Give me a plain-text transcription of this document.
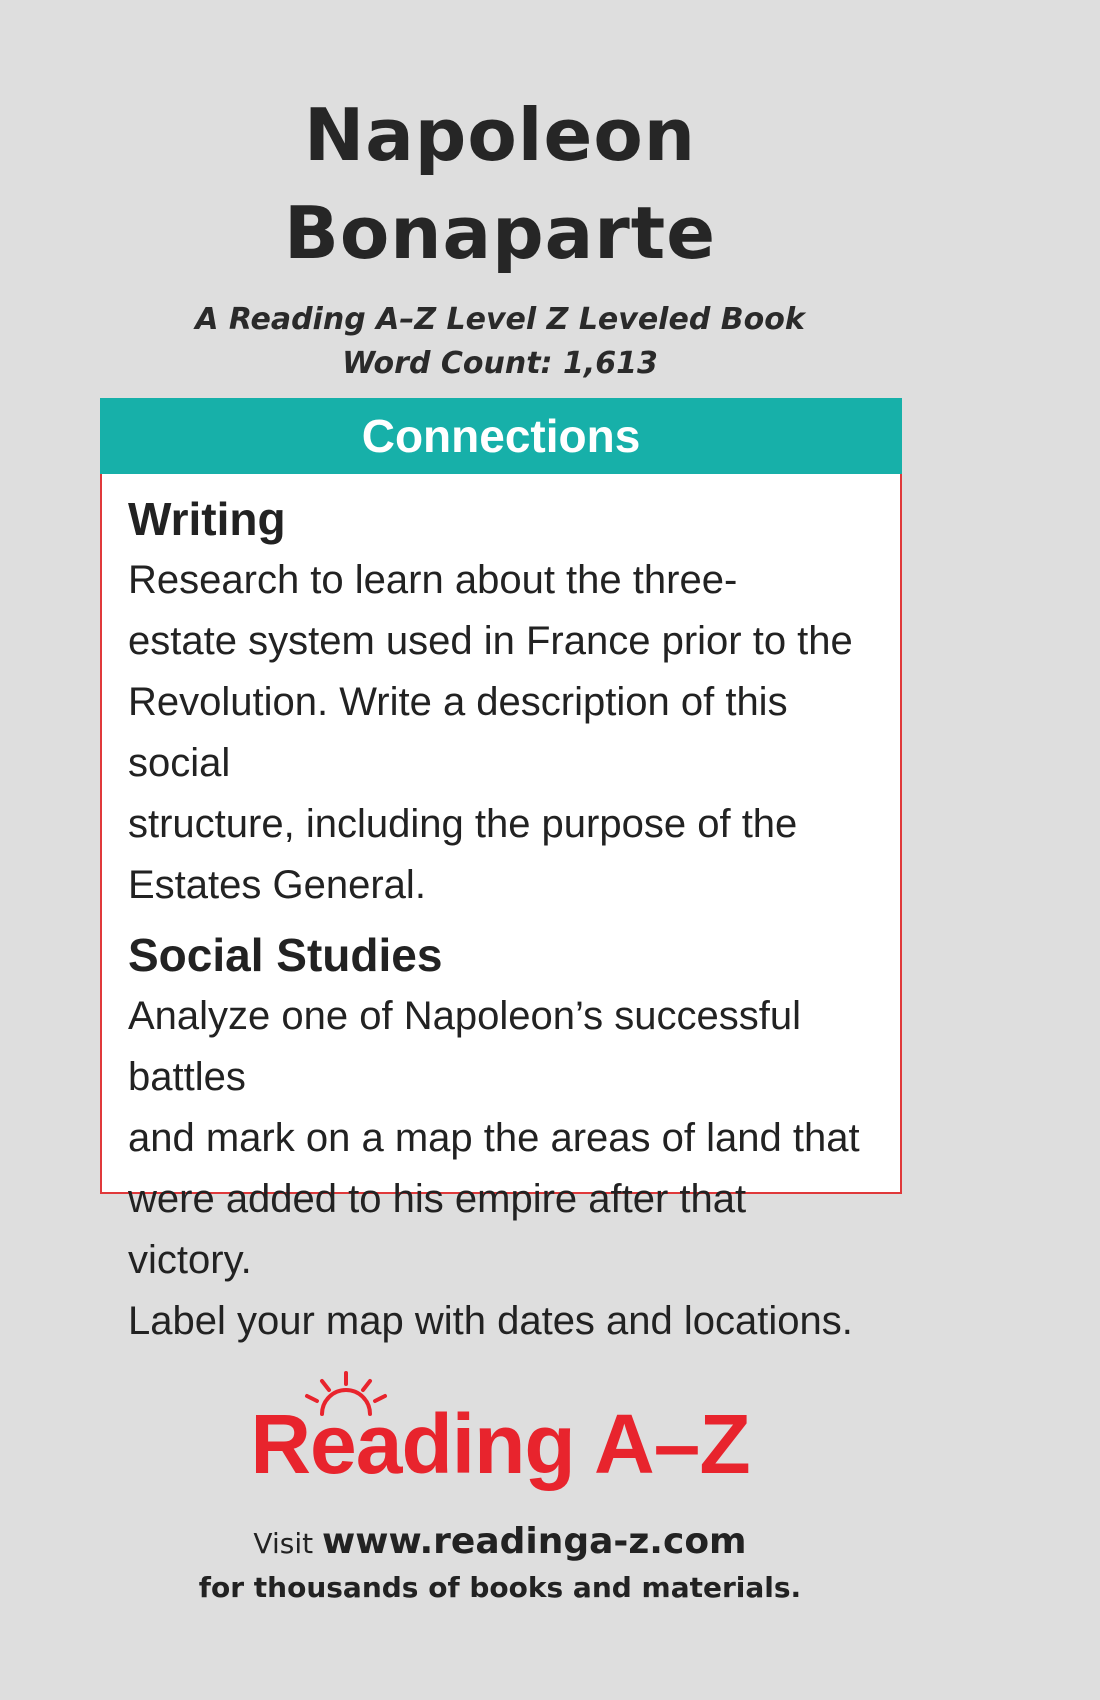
Napoleon
Bonaparte
A Reading A–Z Level Z Leveled Book
Word Count: 1,613
Connections
Writing

Research to learn about the three-
estate system used in France prior to the
Revolution. Write a description of this social
structure, including the purpose of the
Estates General.

Social Studies

Analyze one of Napoleon’s successful battles
and mark on a map the areas of land that
were added to his empire after that victory.
Label your map with dates and locations.

Reading A–Z
Visit www.readinga-z.com
for thousands of books and materials.
